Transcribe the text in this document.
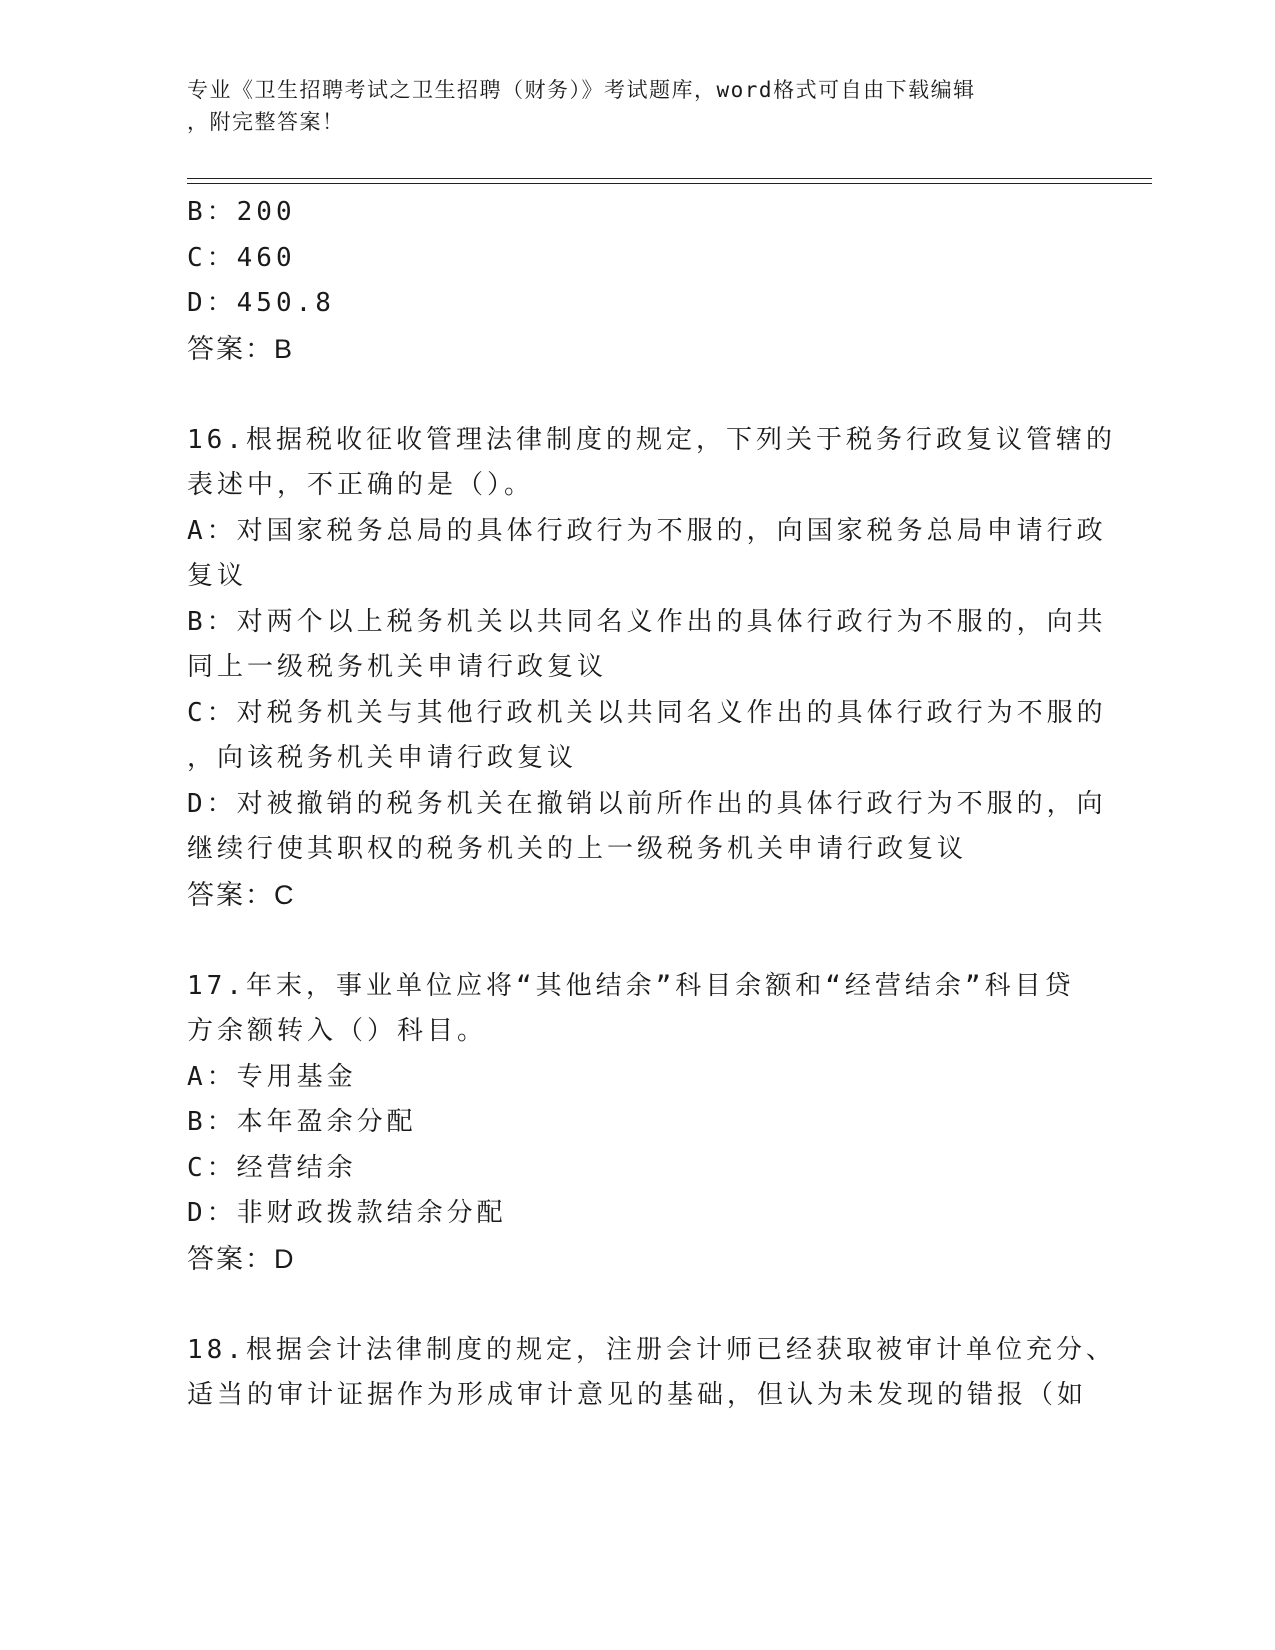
专业《卫生招聘考试之卫生招聘（财务）》考试题库，word格式可自由下载编辑
，附完整答案！
B：200
C：460
D：450.8
答案：B
16.根据税收征收管理法律制度的规定，下列关于税务行政复议管辖的
表述中，不正确的是（）。
A：对国家税务总局的具体行政行为不服的，向国家税务总局申请行政
复议
B：对两个以上税务机关以共同名义作出的具体行政行为不服的，向共
同上一级税务机关申请行政复议
C：对税务机关与其他行政机关以共同名义作出的具体行政行为不服的
，向该税务机关申请行政复议
D：对被撤销的税务机关在撤销以前所作出的具体行政行为不服的，向
继续行使其职权的税务机关的上一级税务机关申请行政复议
答案：C
17.年末，事业单位应将“其他结余”科目余额和“经营结余”科目贷
方余额转入（）科目。
A：专用基金
B：本年盈余分配
C：经营结余
D：非财政拨款结余分配
答案：D
18.根据会计法律制度的规定，注册会计师已经获取被审计单位充分、
适当的审计证据作为形成审计意见的基础，但认为未发现的错报（如
